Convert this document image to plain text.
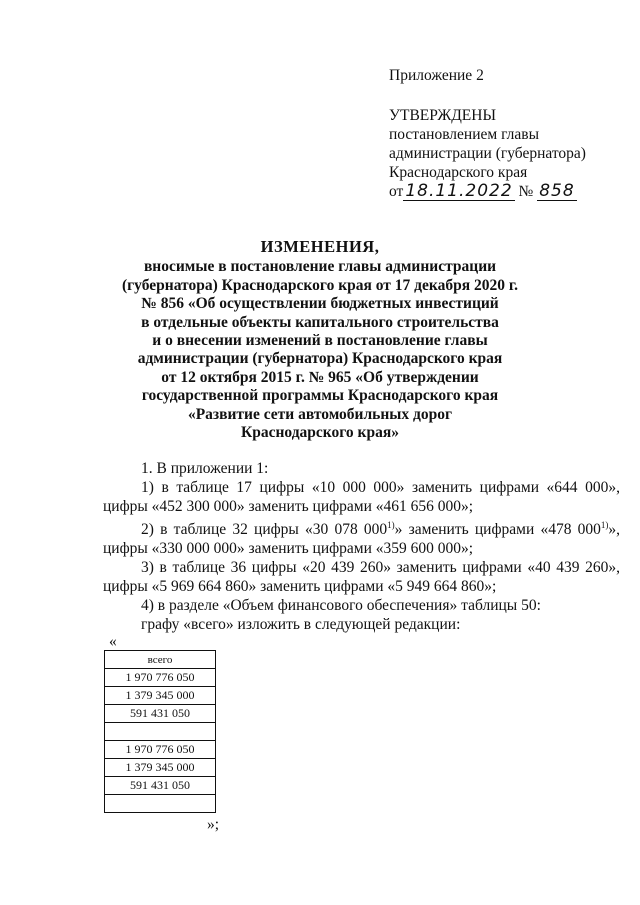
Приложение 2
УТВЕРЖДЕНЫ
постановлением главы
администрации (губернатора)
Краснодарского края
от 18.11.2022 № 858
ИЗМЕНЕНИЯ,
вносимые в постановление главы администрации
(губернатора) Краснодарского края от 17 декабря 2020 г.
№ 856 «Об осуществлении бюджетных инвестиций
в отдельные объекты капитального строительства
и о внесении изменений в постановление главы
администрации (губернатора) Краснодарского края
от 12 октября 2015 г. № 965 «Об утверждении
государственной программы Краснодарского края
«Развитие сети автомобильных дорог
Краснодарского края»

1. В приложении 1:

1) в таблице 17 цифры «10 000 000» заменить цифрами «644 000», цифры «452 300 000» заменить цифрами «461 656 000»;

2) в таблице 32 цифры «30 078 000$^{1)}$» заменить цифрами «478 000$^{1)}$», цифры «330 000 000» заменить цифрами «359 600 000»;

3) в таблице 36 цифры «20 439 260» заменить цифрами «40 439 260», цифры «5 969 664 860» заменить цифрами «5 949 664 860»;

4) в разделе «Объем финансового обеспечения» таблицы 50:

графу «всего» изложить в следующей редакции:

«
всего
1 970 776 050
1 379 345 000
591 431 050

1 970 776 050
1 379 345 000
591 431 050

»;
